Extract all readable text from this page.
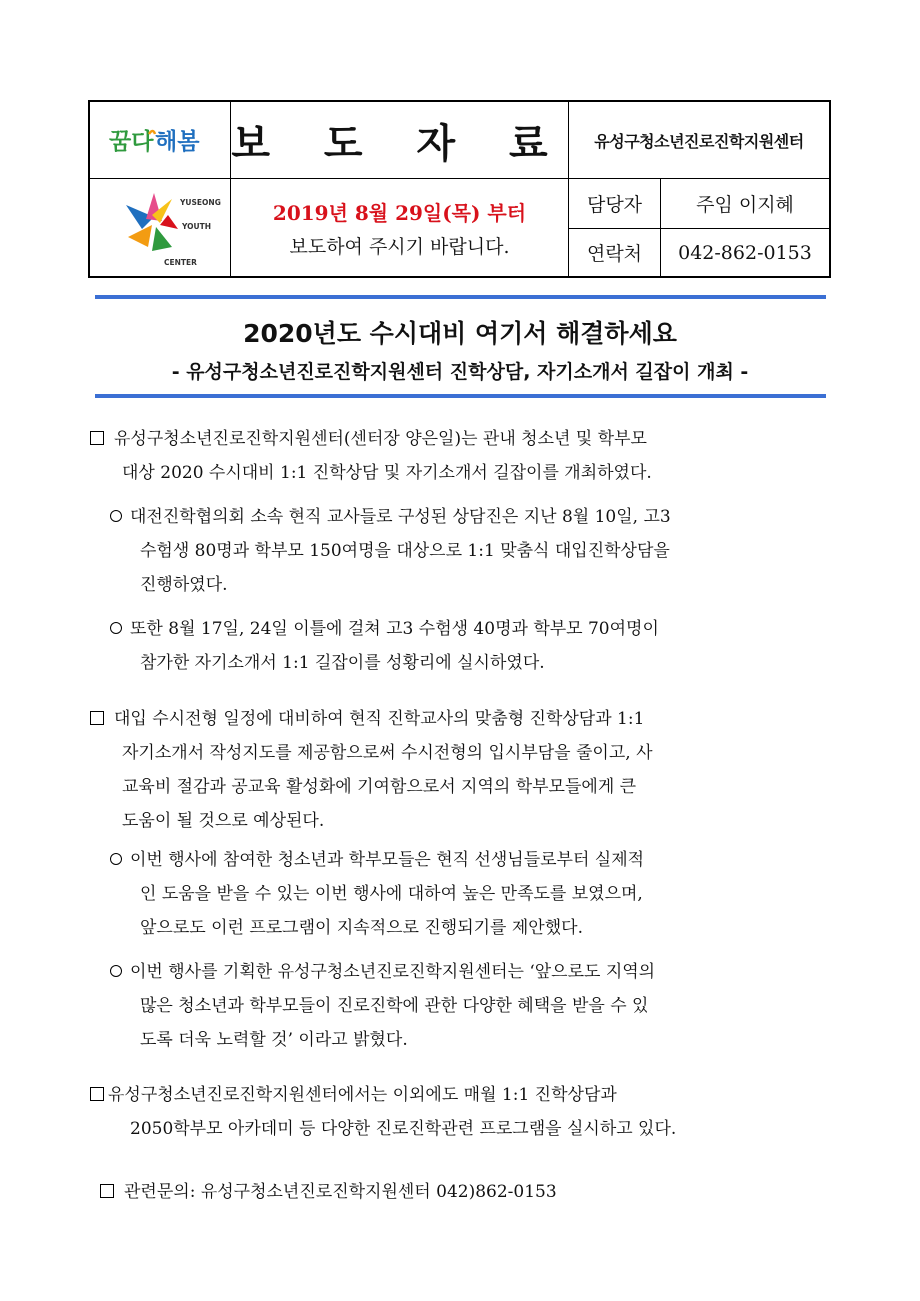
꿈다 해봄 보 도 자 료 유성구청소년진로진학지원센터
YUSEONG YOUTH CENTER
2019년 8월 29일(목) 부터
보도하여 주시기 바랍니다.
담당자	주임 이지혜
연락처 042-862-0153
2020년도 수시대비 여기서 해결하세요
- 유성구청소년진로진학지원센터 진학상담, 자기소개서 길잡이 개최 -
유성구청소년진로진학지원센터(센터장 양은일)는 관내 청소년 및 학부모
대상 2020 수시대비 1:1 진학상담 및 자기소개서 길잡이를 개최하였다.
대전진학협의회 소속 현직 교사들로 구성된 상담진은 지난 8월 10일, 고3
수험생 80명과 학부모 150여명을 대상으로 1:1 맞춤식 대입진학상담을
진행하였다.
또한 8월 17일, 24일 이틀에 걸쳐 고3 수험생 40명과 학부모 70여명이
참가한 자기소개서 1:1 길잡이를 성황리에 실시하였다.
대입 수시전형 일정에 대비하여 현직 진학교사의 맞춤형 진학상담과 1:1
자기소개서 작성지도를 제공함으로써 수시전형의 입시부담을 줄이고, 사
교육비 절감과 공교육 활성화에 기여함으로서 지역의 학부모들에게 큰
도움이 될 것으로 예상된다.
이번 행사에 참여한 청소년과 학부모들은 현직 선생님들로부터 실제적
인 도움을 받을 수 있는 이번 행사에 대하여 높은 만족도를 보였으며,
앞으로도 이런 프로그램이 지속적으로 진행되기를 제안했다.
이번 행사를 기획한 유성구청소년진로진학지원센터는 ‘앞으로도 지역의
많은 청소년과 학부모들이 진로진학에 관한 다양한 혜택을 받을 수 있
도록 더욱 노력할 것’ 이라고 밝혔다.
유성구청소년진로진학지원센터에서는 이외에도 매월 1:1 진학상담과
2050학부모 아카데미 등 다양한 진로진학관련 프로그램을 실시하고 있다.
관련문의: 유성구청소년진로진학지원센터 042)862-0153
